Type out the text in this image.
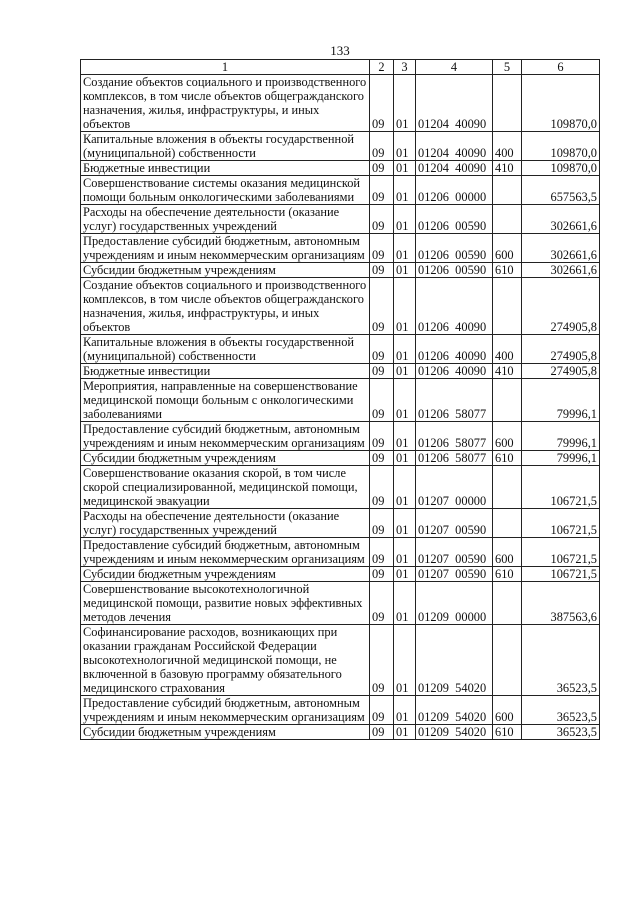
133
1	2	3	4	5	6
Создание объектов социального и производственного комплексов, в том числе объектов общегражданского назначения, жилья, инфраструктуры, и иных объектов	09	01	01204  40090		109870,0
Капитальные вложения в объекты государственной (муниципальной) собственности	09	01	01204  40090	400	109870,0
Бюджетные инвестиции	09	01	01204  40090	410	109870,0
Совершенствование системы оказания медицинской помощи больным онкологическими заболеваниями	09	01	01206  00000		657563,5
Расходы на обеспечение деятельности (оказание услуг) государственных учреждений	09	01	01206  00590		302661,6
Предоставление субсидий бюджетным, автономным учреждениям и иным некоммерческим организациям	09	01	01206  00590	600	302661,6
Субсидии бюджетным учреждениям	09	01	01206  00590	610	302661,6
Создание объектов социального и производственного комплексов, в том числе объектов общегражданского назначения, жилья, инфраструктуры, и иных объектов	09	01	01206  40090		274905,8
Капитальные вложения в объекты государственной (муниципальной) собственности	09	01	01206  40090	400	274905,8
Бюджетные инвестиции	09	01	01206  40090	410	274905,8
Мероприятия, направленные на совершенствование медицинской помощи больным с онкологическими заболеваниями	09	01	01206  58077		79996,1
Предоставление субсидий бюджетным, автономным учреждениям и иным некоммерческим организациям	09	01	01206  58077	600	79996,1
Субсидии бюджетным учреждениям	09	01	01206  58077	610	79996,1
Совершенствование оказания скорой, в том числе скорой специализированной, медицинской помощи, медицинской эвакуации	09	01	01207  00000		106721,5
Расходы на обеспечение деятельности (оказание услуг) государственных учреждений	09	01	01207  00590		106721,5
Предоставление субсидий бюджетным, автономным учреждениям и иным некоммерческим организациям	09	01	01207  00590	600	106721,5
Субсидии бюджетным учреждениям	09	01	01207  00590	610	106721,5
Совершенствование высокотехнологичной медицинской помощи, развитие новых эффективных методов лечения	09	01	01209  00000		387563,6
Софинансирование расходов, возникающих при оказании гражданам Российской Федерации высокотехнологичной медицинской помощи, не включенной в базовую программу обязательного медицинского страхования	09	01	01209  54020		36523,5
Предоставление субсидий бюджетным, автономным учреждениям и иным некоммерческим организациям	09	01	01209  54020	600	36523,5
Субсидии бюджетным учреждениям	09	01	01209  54020	610	36523,5
